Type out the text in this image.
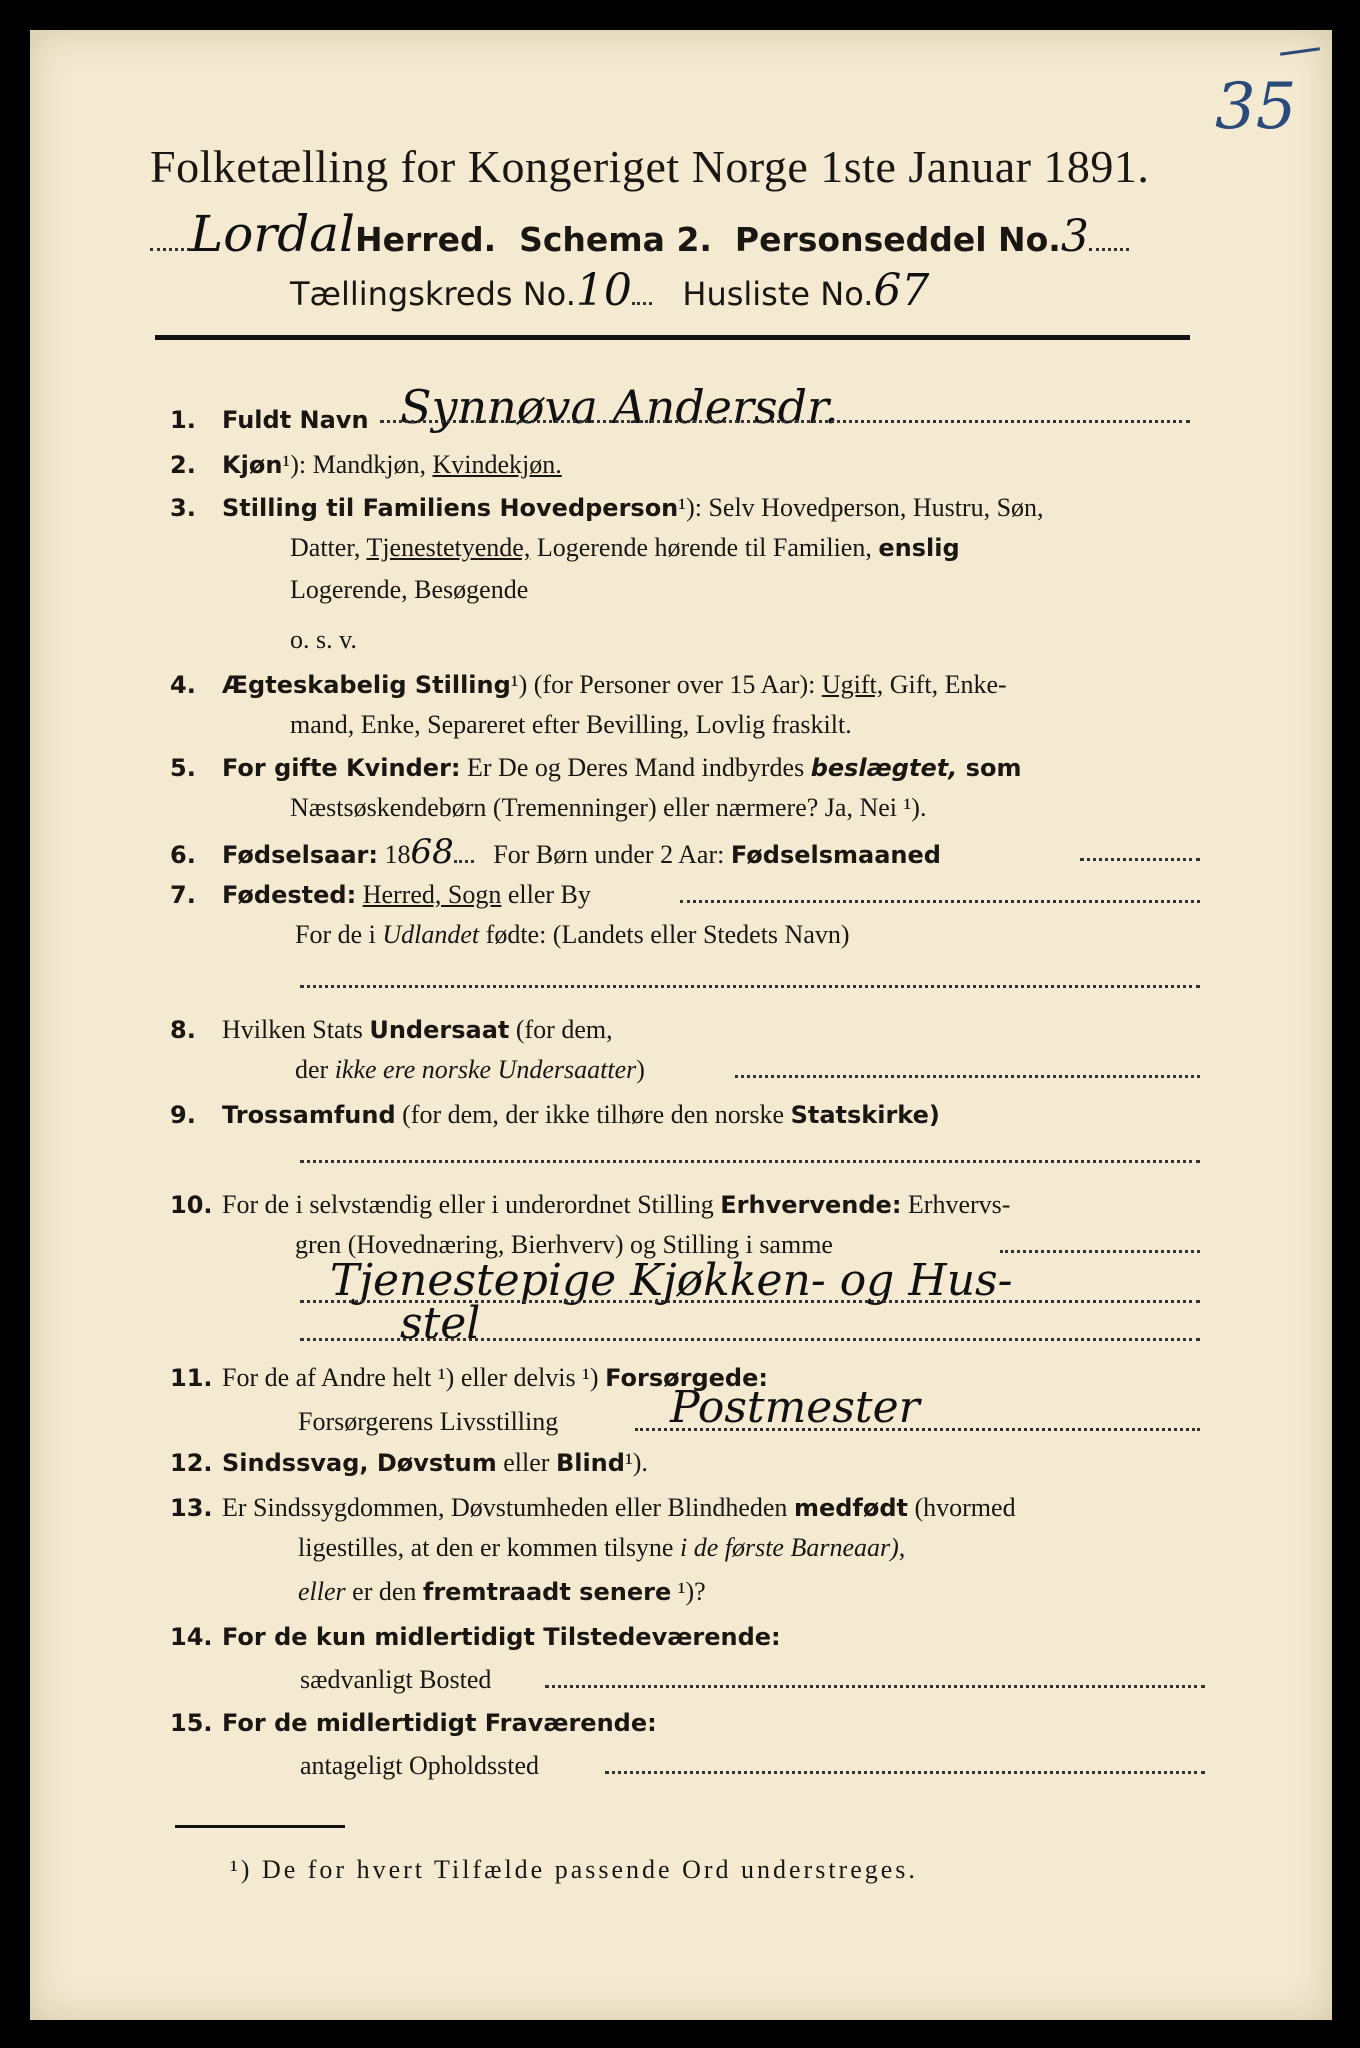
35
Folketælling for Kongeriget Norge 1ste Januar 1891.
LordalHerred. Schema 2. Personseddel No.3
Tællingskreds No.10 Husliste No.67
1. Fuldt Navn Synnøva Andersdr.
2. Kjøn¹): Mandkjøn, Kvindekjøn.
3. Stilling til Familiens Hovedperson¹): Selv Hovedperson, Hustru, Søn,
Datter, Tjenestetyende, Logerende hørende til Familien, enslig
Logerende, Besøgende
o. s. v.
4. Ægteskabelig Stilling¹) (for Personer over 15 Aar): Ugift, Gift, Enke-
mand, Enke, Separeret efter Bevilling, Lovlig fraskilt.
5. For gifte Kvinder: Er De og Deres Mand indbyrdes beslægtet, som
Næstsøskendebørn (Tremenninger) eller nærmere? Ja, Nei ¹).
6. Fødselsaar: 1868 For Børn under 2 Aar: Fødselsmaaned
7. Fødested: Herred, Sogn eller By
For de i Udlandet fødte: (Landets eller Stedets Navn)
8. Hvilken Stats Undersaat (for dem,
der ikke ere norske Undersaatter)
9. Trossamfund (for dem, der ikke tilhøre den norske Statskirke)
10. For de i selvstændig eller i underordnet Stilling Erhvervende: Erhvervs-
gren (Hovednæring, Bierhverv) og Stilling i samme
Tjenestepige Kjøkken- og Hus-
stel
11. For de af Andre helt ¹) eller delvis ¹) Forsørgede:
Forsørgerens Livsstilling	Postmester
12. Sindssvag, Døvstum eller Blind¹).
13. Er Sindssygdommen, Døvstumheden eller Blindheden medfødt (hvormed
ligestilles, at den er kommen tilsyne i de første Barneaar),
eller er den fremtraadt senere ¹)?
14. For de kun midlertidigt Tilstedeværende:
sædvanligt Bosted
15. For de midlertidigt Fraværende:
antageligt Opholdssted
¹) De for hvert Tilfælde passende Ord understreges.
